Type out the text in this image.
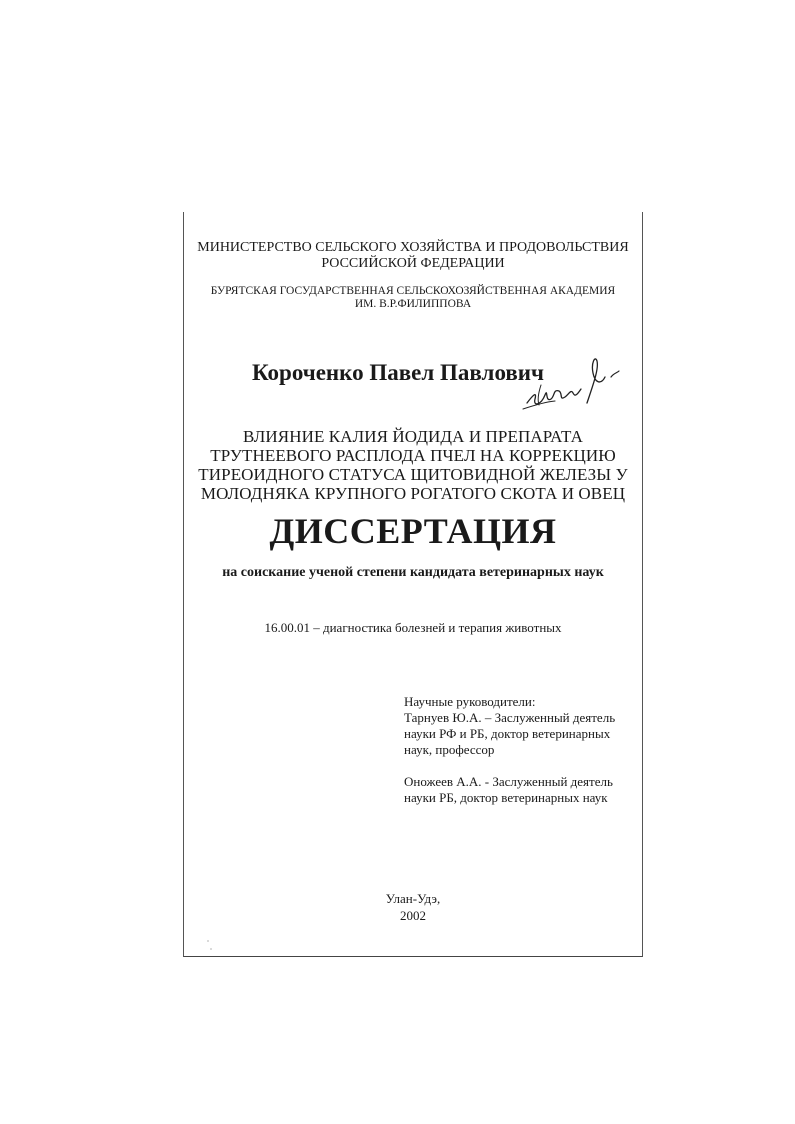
МИНИСТЕРСТВО СЕЛЬСКОГО ХОЗЯЙСТВА И ПРОДОВОЛЬСТВИЯ
РОССИЙСКОЙ ФЕДЕРАЦИИ
БУРЯТСКАЯ ГОСУДАРСТВЕННАЯ СЕЛЬСКОХОЗЯЙСТВЕННАЯ АКАДЕМИЯ
ИМ. В.Р.ФИЛИППОВА
Короченко Павел Павлович
ВЛИЯНИЕ КАЛИЯ ЙОДИДА И ПРЕПАРАТА
ТРУТНЕЕВОГО РАСПЛОДА ПЧЕЛ НА КОРРЕКЦИЮ
ТИРЕОИДНОГО СТАТУСА ЩИТОВИДНОЙ ЖЕЛЕЗЫ У
МОЛОДНЯКА КРУПНОГО РОГАТОГО СКОТА И ОВЕЦ
ДИССЕРТАЦИЯ
на соискание ученой степени кандидата ветеринарных наук
16.00.01 – диагностика болезней и терапия животных
Научные руководители:
Тарнуев Ю.А. – Заслуженный деятель
науки РФ и РБ, доктор ветеринарных
наук, профессор
Оножеев А.А. - Заслуженный деятель
науки РБ, доктор ветеринарных наук
Улан-Удэ,
2002
